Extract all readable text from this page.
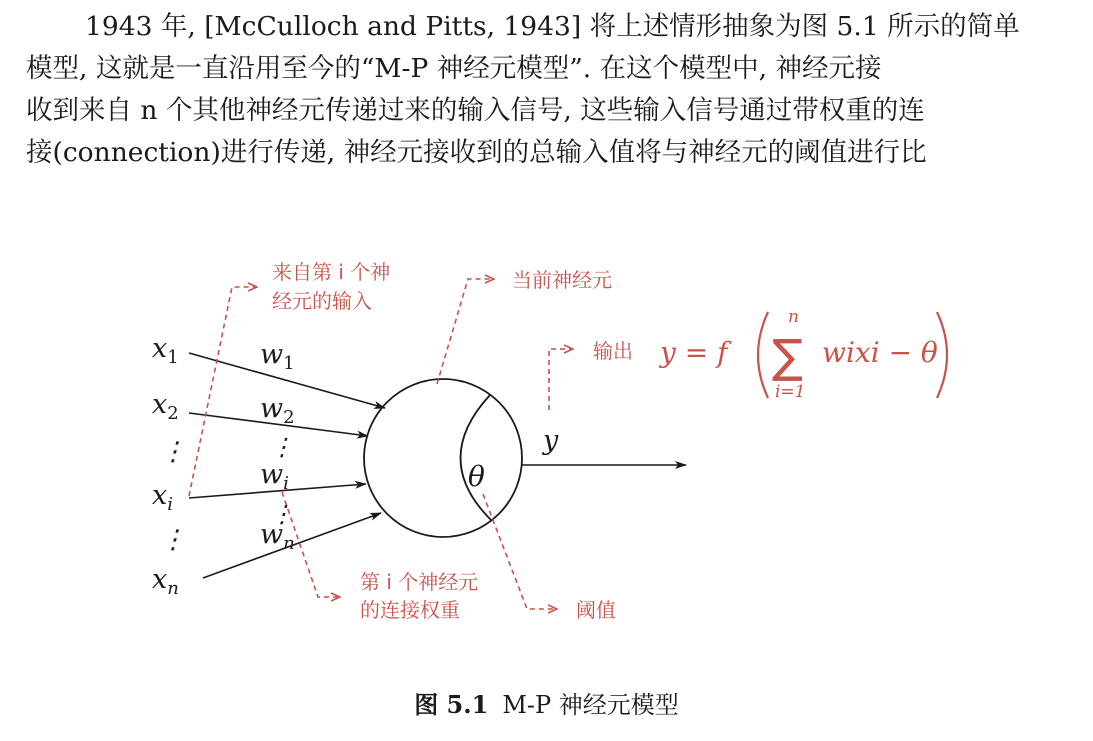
1943 年, [McCulloch and Pitts, 1943] 将上述情形抽象为图 5.1 所示的简单
模型, 这就是一直沿用至今的“M-P 神经元模型”. 在这个模型中, 神经元接
收到来自 n 个其他神经元传递过来的输入信号, 这些输入信号通过带权重的连
接(connection)进行传递, 神经元接收到的总输入值将与神经元的阈值进行比
$x_1$
$x_2$
⋮
$x_i$
⋮
$x_n$
$w_1$
$w_2$
⋮
$w_i$
⋮
$w_n$
θ
y
来自第 i 个神
经元的输入
当前神经元
输出
第 i 个神经元
的连接权重	阈值
y = f
n
∑
i=1
wixi − θ
图 5.1 M-P 神经元模型
